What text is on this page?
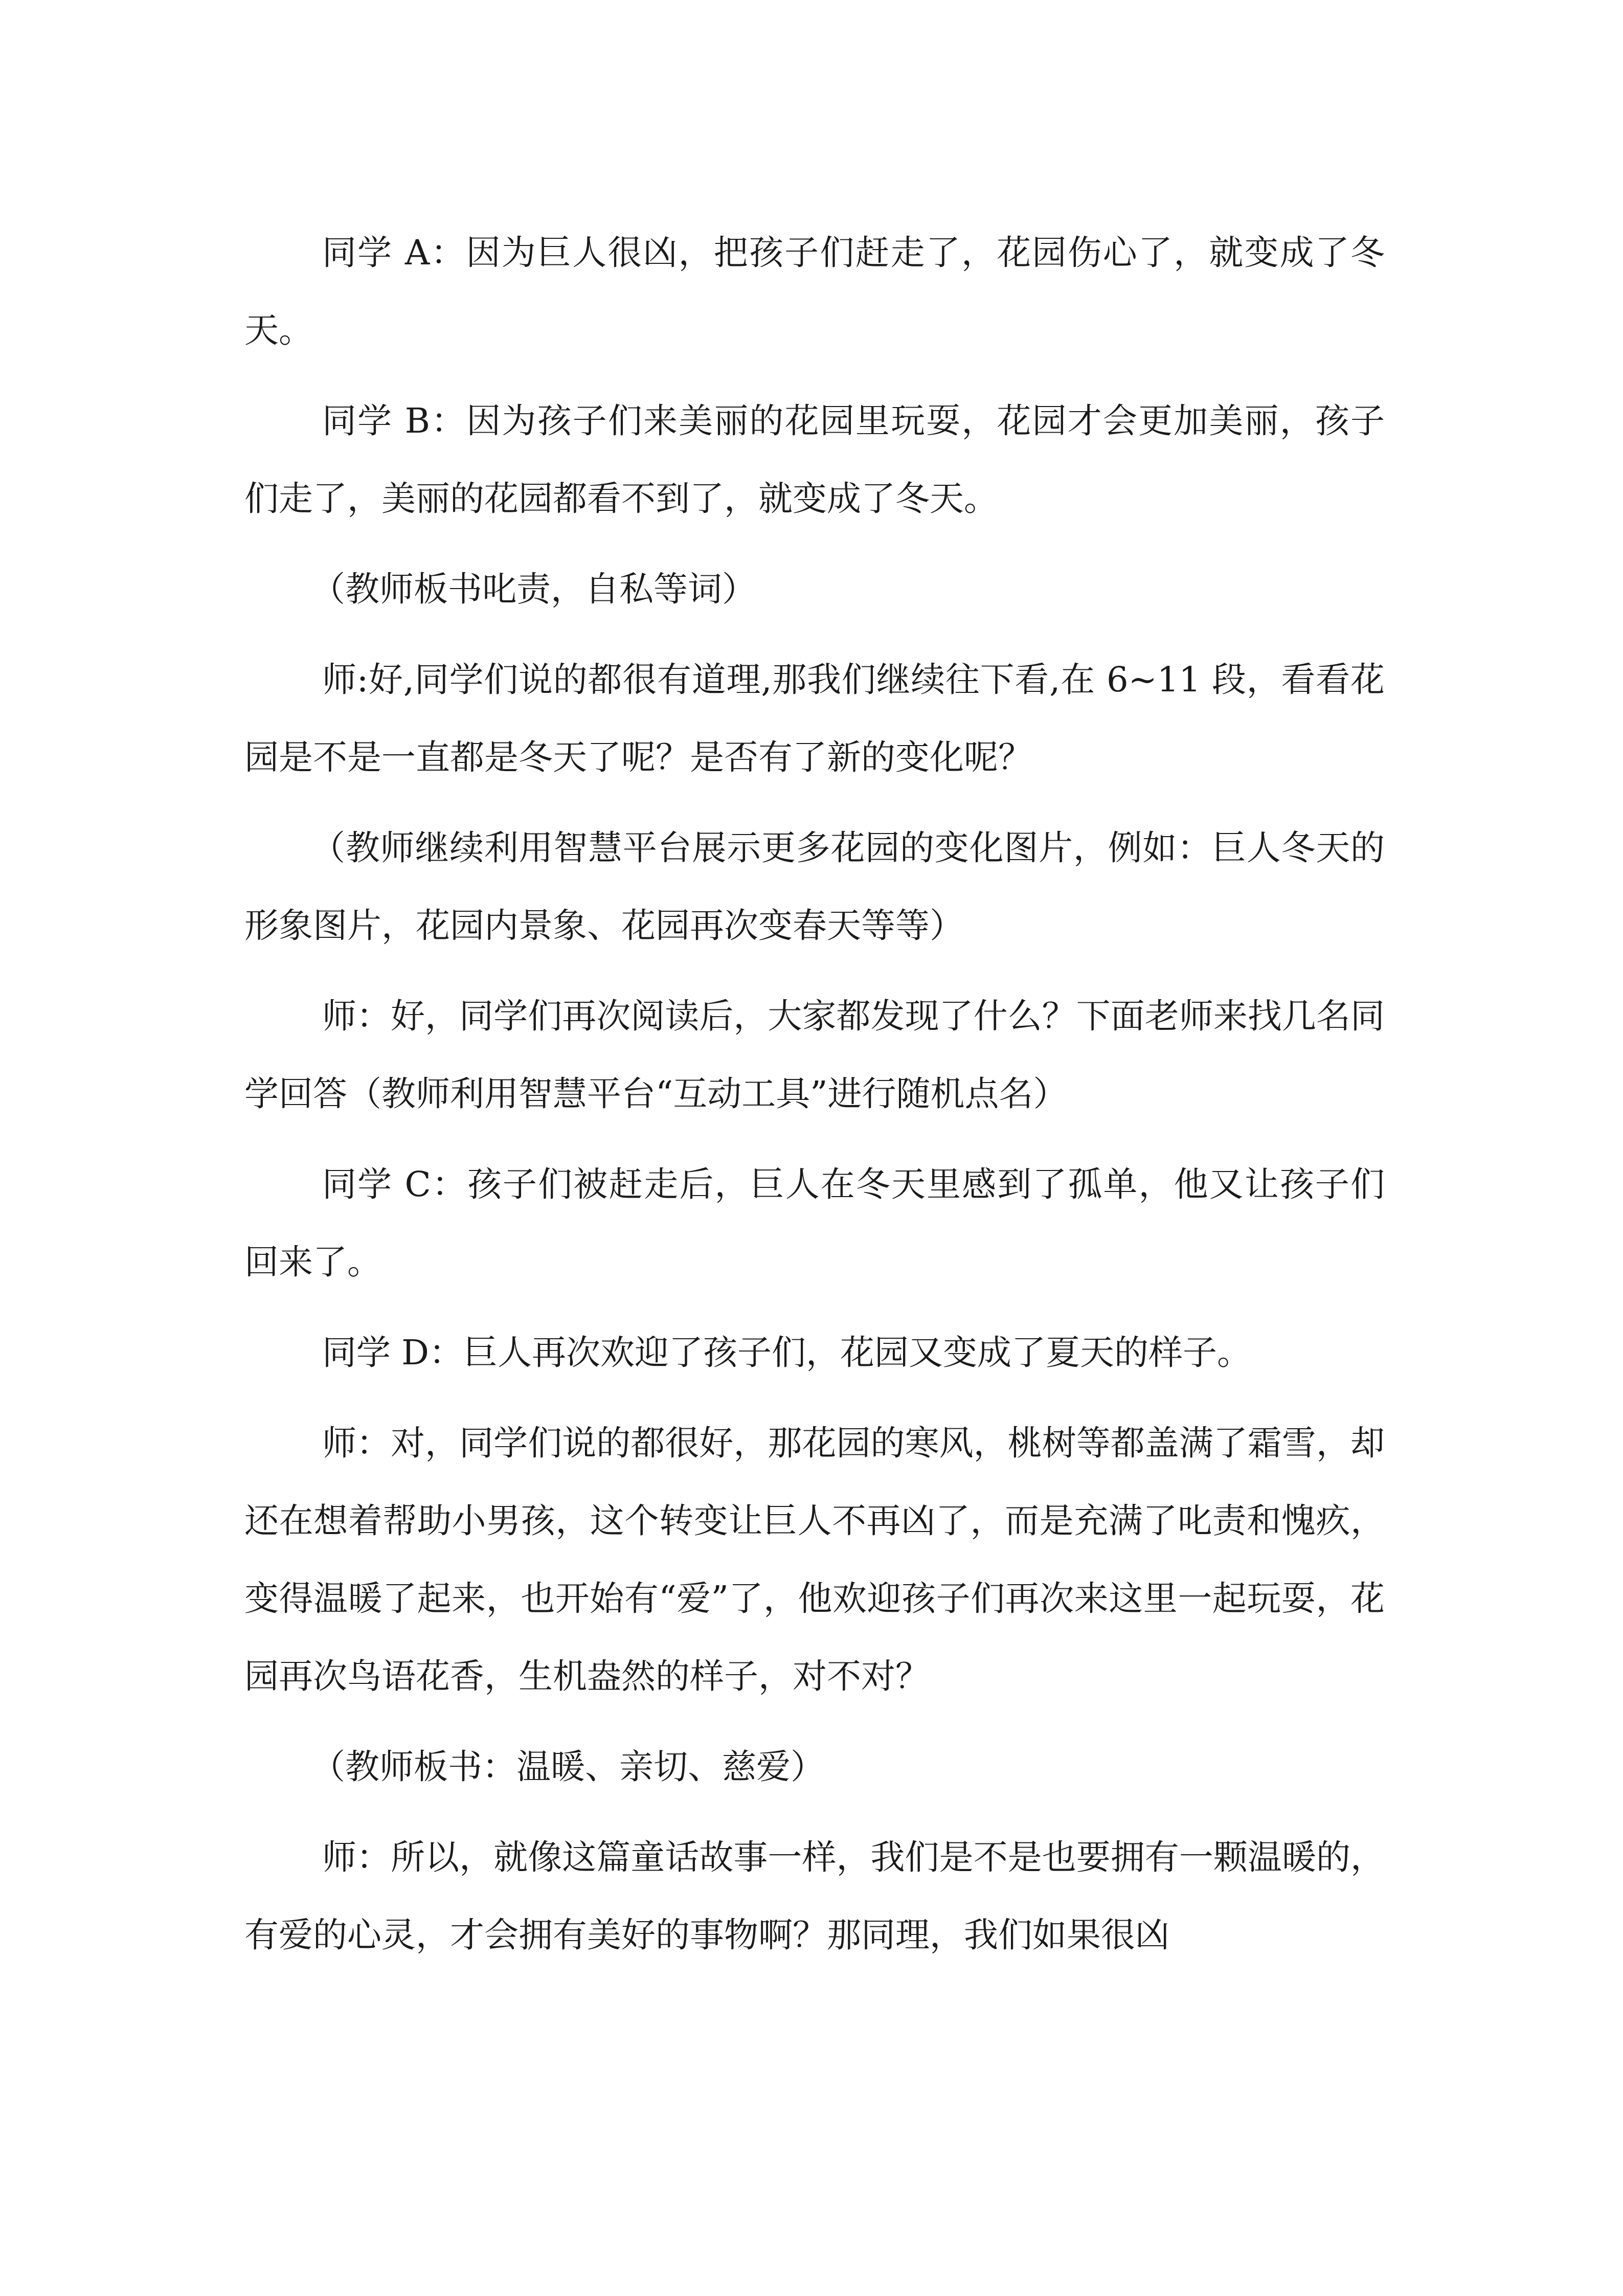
同学 A：因为巨人很凶，把孩子们赶走了，花园伤心了，就变成了冬天。

同学 B：因为孩子们来美丽的花园里玩耍，花园才会更加美丽，孩子们走了，美丽的花园都看不到了，就变成了冬天。

（教师板书叱责，自私等词）

师:好,同学们说的都很有道理,那我们继续往下看,在 6~11 段，看看花园是不是一直都是冬天了呢？是否有了新的变化呢？

（教师继续利用智慧平台展示更多花园的变化图片，例如：巨人冬天的形象图片，花园内景象、花园再次变春天等等）

师：好，同学们再次阅读后，大家都发现了什么？下面老师来找几名同学回答（教师利用智慧平台“互动工具”进行随机点名）

同学 C：孩子们被赶走后，巨人在冬天里感到了孤单，他又让孩子们回来了。

同学 D：巨人再次欢迎了孩子们，花园又变成了夏天的样子。

师：对，同学们说的都很好，那花园的寒风，桃树等都盖满了霜雪，却还在想着帮助小男孩，这个转变让巨人不再凶了，而是充满了叱责和愧疚，变得温暖了起来，也开始有“爱”了，他欢迎孩子们再次来这里一起玩耍，花园再次鸟语花香，生机盎然的样子，对不对？

（教师板书：温暖、亲切、慈爱）

师：所以，就像这篇童话故事一样，我们是不是也要拥有一颗温暖的，有爱的心灵，才会拥有美好的事物啊？那同理，我们如果很凶
